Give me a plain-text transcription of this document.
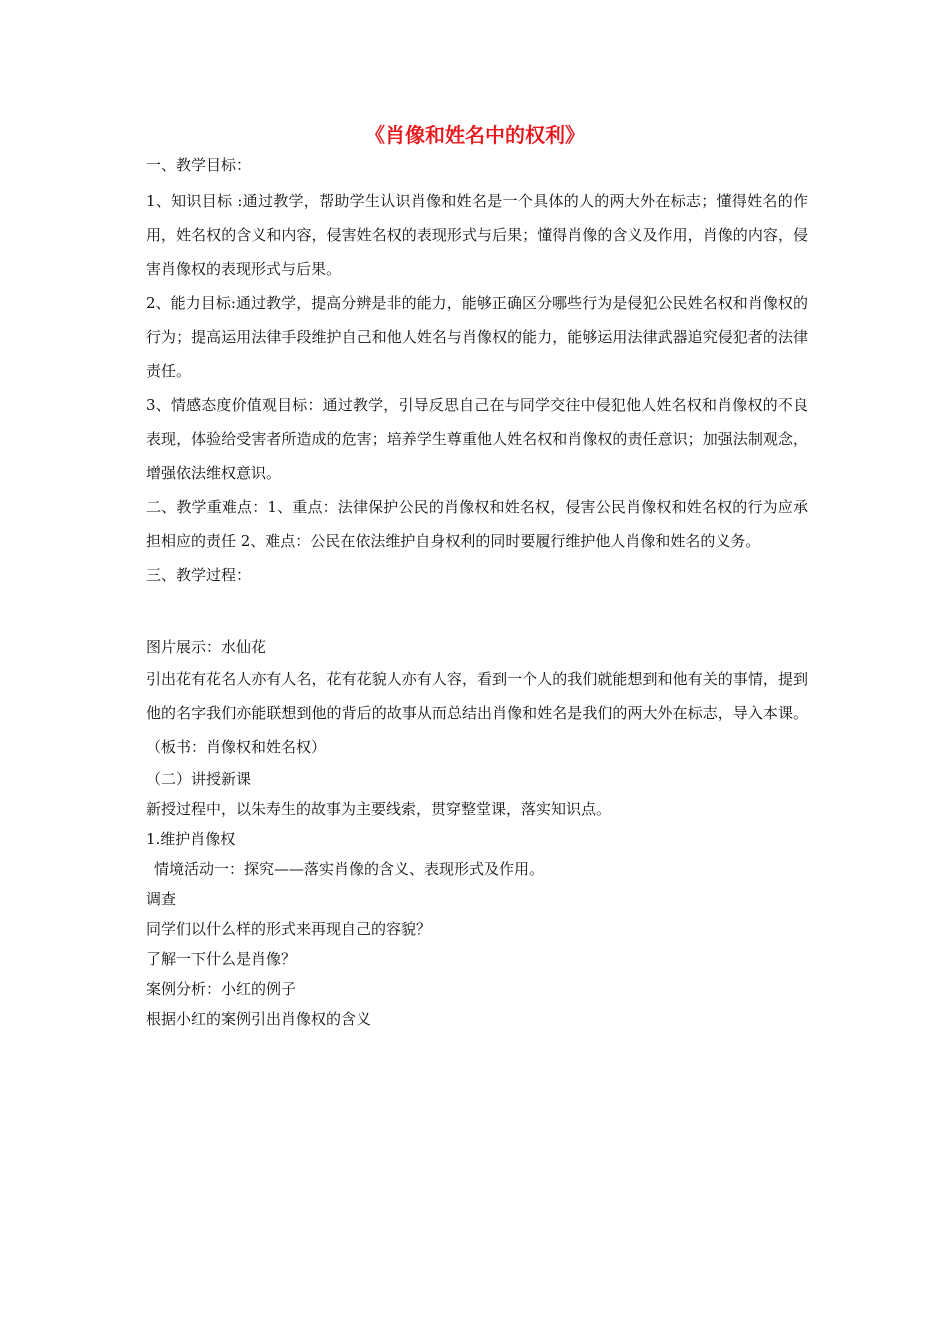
《肖像和姓名中的权利》

一、教学目标：

1、知识目标 :通过教学，帮助学生认识肖像和姓名是一个具体的人的两大外在标志；懂得姓名的作用，姓名权的含义和内容，侵害姓名权的表现形式与后果；懂得肖像的含义及作用，肖像的内容，侵害肖像权的表现形式与后果。

2、能力目标:通过教学，提高分辨是非的能力，能够正确区分哪些行为是侵犯公民姓名权和肖像权的行为；提高运用法律手段维护自己和他人姓名与肖像权的能力，能够运用法律武器追究侵犯者的法律责任。

3、情感态度价值观目标：通过教学，引导反思自己在与同学交往中侵犯他人姓名权和肖像权的不良表现，体验给受害者所造成的危害；培养学生尊重他人姓名权和肖像权的责任意识；加强法制观念，增强依法维权意识。

二、教学重难点：1、重点：法律保护公民的肖像权和姓名权，侵害公民肖像权和姓名权的行为应承担相应的责任 2、难点：公民在依法维护自身权利的同时要履行维护他人肖像和姓名的义务。

三、教学过程：

图片展示：水仙花

引出花有花名人亦有人名，花有花貌人亦有人容，看到一个人的我们就能想到和他有关的事情，提到他的名字我们亦能联想到他的背后的故事从而总结出肖像和姓名是我们的两大外在标志，导入本课。（板书：肖像权和姓名权）

（二）讲授新课

新授过程中，以朱寿生的故事为主要线索，贯穿整堂课，落实知识点。

1.维护肖像权

情境活动一：探究——落实肖像的含义、表现形式及作用。

调查

同学们以什么样的形式来再现自己的容貌？

了解一下什么是肖像？

案例分析：小红的例子

根据小红的案例引出肖像权的含义
